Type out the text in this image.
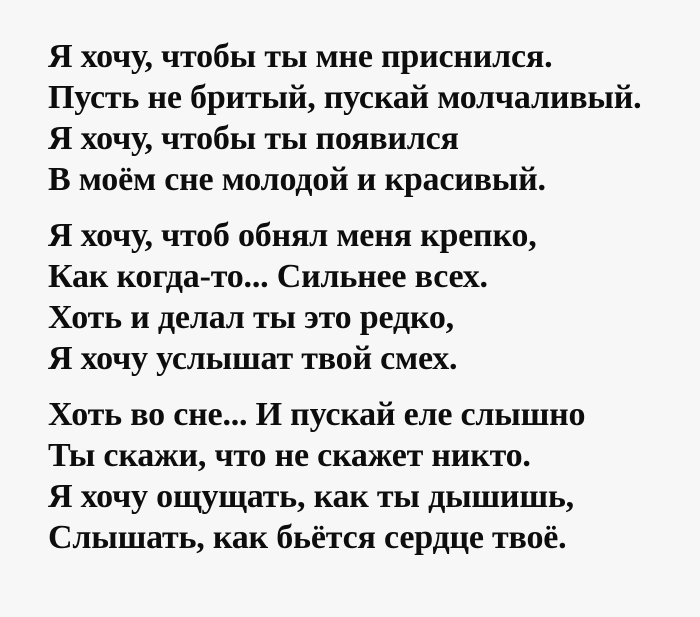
Я хочу, чтобы ты мне приснился.

Пусть не бритый, пускай молчаливый.

Я хочу, чтобы ты появился

В моём сне молодой и красивый.

Я хочу, чтоб обнял меня крепко,

Как когда-то... Сильнее всех.

Хоть и делал ты это редко,

Я хочу услышат твой смех.

Хоть во сне... И пускай еле слышно

Ты скажи, что не скажет никто.

Я хочу ощущать, как ты дышишь,

Слышать, как бьётся сердце твоё.
